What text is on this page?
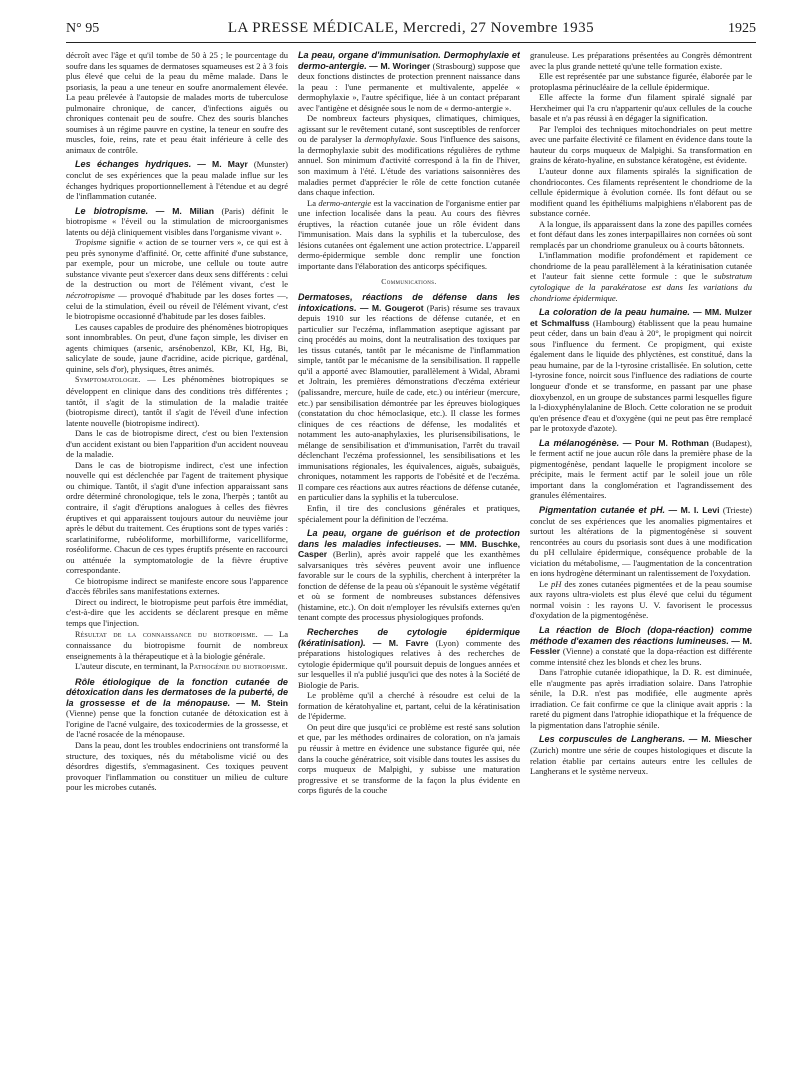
N° 95	LA PRESSE MÉDICALE, Mercredi, 27 Novembre 1935	1925

décroît avec l'âge et qu'il tombe de 50 à 25 ; le pourcentage du soufre dans les squames de dermatoses squameuses est 2 à 3 fois plus élevé que celui de la peau du même malade. Dans le psoriasis, la peau a une teneur en soufre anormalement élevée. La peau prélevée à l'autopsie de malades morts de tuberculose pulmonaire chronique, de cancer, d'infections aiguës ou chroniques contenait peu de soufre. Chez des souris blanches soumises à un régime pauvre en cystine, la teneur en soufre des muscles, foie, reins, rate et peau était inférieure à celle des animaux de contrôle.

Les échanges hydriques. — M. Mayr (Munster) conclut de ses expériences que la peau malade influe sur les échanges hydriques proportionnellement à l'étendue et au degré de l'inflammation cutanée.

Le biotropisme. — M. Milian (Paris) définit le biotropisme « l'éveil ou la stimulation de microorganismes latents ou déjà cliniquement visibles dans l'organisme vivant ».

Tropisme signifie « action de se tourner vers », ce qui est à peu près synonyme d'affinité. Or, cette affinité d'une substance, par exemple, pour un microbe, une cellule ou toute autre substance vivante peut s'exercer dans deux sens différents : celui de la destruction ou mort de l'élément vivant, c'est le nécrotropisme — provoqué d'habitude par les doses fortes —, celui de la stimulation, éveil ou réveil de l'élément vivant, c'est le biotropisme occasionné d'habitude par les doses faibles.

Les causes capables de produire des phénomènes biotropiques sont innombrables. On peut, d'une façon simple, les diviser en agents chimiques (arsenic, arsénobenzol, KBr, KI, Hg, Bi, salicylate de soude, jaune d'acridine, acide picrique, gardénal, quinine, sels d'or), physiques, êtres animés.

Symptomatologie. — Les phénomènes biotropiques se développent en clinique dans des conditions très différentes ; tantôt, il s'agit de la stimulation de la maladie traitée (biotropisme direct), tantôt il s'agit de l'éveil d'une infection latente nouvelle (biotropisme indirect).

Dans le cas de biotropisme direct, c'est ou bien l'extension d'un accident existant ou bien l'apparition d'un accident nouveau de la maladie.

Dans le cas de biotropisme indirect, c'est une infection nouvelle qui est déclenchée par l'agent de traitement physique ou chimique. Tantôt, il s'agit d'une infection apparaissant sans ordre déterminé chronologique, tels le zona, l'herpès ; tantôt au contraire, il s'agit d'éruptions analogues à celles des fièvres éruptives et qui apparaissent toujours autour du neuvième jour après le début du traitement. Ces éruptions sont de types variés : scarlatiniforme, rubéoliforme, morbilliforme, varicelliforme, roséoliforme. Chacun de ces types éruptifs présente en raccourci ou atténuée la symptomatologie de la fièvre éruptive correspondante.

Ce biotropisme indirect se manifeste encore sous l'apparence d'accès fébriles sans manifestations externes.

Direct ou indirect, le biotropisme peut parfois être immédiat, c'est-à-dire que les accidents se déclarent presque en même temps que l'injection.

Résultat de la connaissance du biotropisme. — La connaissance du biotropisme fournit de nombreux enseignements à la thérapeutique et à la biologie générale.

L'auteur discute, en terminant, la Pathogénie du biotropisme.

Rôle étiologique de la fonction cutanée de détoxication dans les dermatoses de la puberté, de la grossesse et de la ménopause. — M. Stein (Vienne) pense que la fonction cutanée de détoxication est à l'origine de l'acné vulgaire, des toxicodermies de la grossesse, et de l'acné rosacée de la ménopause.

Dans la peau, dont les troubles endocriniens ont transformé la structure, des toxiques, nés du métabolisme vicié ou des désordres digestifs, s'emmagasinent. Ces toxiques peuvent provoquer l'inflammation ou constituer un milieu de culture pour les microbes cutanés.

La peau, organe d'immunisation. Dermophylaxie et dermo-antergie. — M. Woringer (Strasbourg) suppose que deux fonctions distinctes de protection prennent naissance dans la peau : l'une permanente et multivalente, appelée « dermophylaxie », l'autre spécifique, liée à un contact préparant avec l'antigène et désignée sous le nom de « dermo-antergie ».

De nombreux facteurs physiques, climatiques, chimiques, agissant sur le revêtement cutané, sont susceptibles de renforcer ou de paralyser la dermophylaxie. Sous l'influence des saisons, la dermophylaxie subit des modifications régulières de rythme annuel. Son minimum d'activité correspond à la fin de l'hiver, son maximum à l'été. L'étude des variations saisonnières des maladies permet d'apprécier le rôle de cette fonction cutanée dans chaque infection.

La dermo-antergie est la vaccination de l'organisme entier par une infection localisée dans la peau. Au cours des fièvres éruptives, la réaction cutanée joue un rôle évident dans l'immunisation. Mais dans la syphilis et la tuberculose, des lésions cutanées ont également une action protectrice. L'appareil dermo-épidermique semble donc remplir une fonction importante dans l'élaboration des anticorps spécifiques.

Communications.

Dermatoses, réactions de défense dans les intoxications. — M. Gougerot (Paris) résume ses travaux depuis 1910 sur les réactions de défense cutanée, et en particulier sur l'eczéma, inflammation aseptique agissant par cinq procédés au moins, dont la neutralisation des toxiques par les tissus cutanés, tantôt par le mécanisme de l'inflammation simple, tantôt par le mécanisme de la sensibilisation. Il rappelle qu'il a apporté avec Blamoutier, parallèlement à Widal, Abrami et Joltrain, les premières démonstrations d'eczéma extérieur (palissandre, mercure, huile de cade, etc.) ou intérieur (mercure, etc.) par sensibilisation démontrée par les épreuves biologiques (constatation du choc hémoclasique, etc.). Il classe les formes cliniques de ces réactions de défense, les modalités et notamment les auto-anaphylaxies, les plurisensibilisations, le mélange de sensibilisation et d'immunisation, l'arrêt du travail déclenchant l'eczéma professionnel, les sensibilisations et les immunisations régionales, les équivalences, aiguës, subaiguës, chroniques, notamment les rapports de l'obésité et de l'eczéma. Il compare ces réactions aux autres réactions de défense cutanée, en particulier dans la syphilis et la tuberculose.

Enfin, il tire des conclusions générales et pratiques, spécialement pour la définition de l'eczéma.

La peau, organe de guérison et de protection dans les maladies infectieuses. — MM. Buschke, Casper (Berlin), après avoir rappelé que les exanthèmes salvarsaniques très sévères peuvent avoir une influence favorable sur le cours de la syphilis, cherchent à interpréter la fonction de défense de la peau où s'épanouit le système végétatif et où se forment de nombreuses substances défensives (histamine, etc.). On doit n'employer les révulsifs externes qu'en tenant compte des processus physiologiques profonds.

Recherches de cytologie épidermique (kératinisation). — M. Favre (Lyon) commente des préparations histologiques relatives à des recherches de cytologie épidermique qu'il poursuit depuis de longues années et sur lesquelles il n'a publié jusqu'ici que des notes à la Société de Biologie de Paris.

Le problème qu'il a cherché à résoudre est celui de la formation de kératohyaline et, partant, celui de la kératinisation de l'épiderme.

On peut dire que jusqu'ici ce problème est resté sans solution et que, par les méthodes ordinaires de coloration, on n'a jamais pu réussir à mettre en évidence une substance figurée qui, née dans la couche génératrice, soit visible dans toutes les assises du corps muqueux de Malpighi, y subisse une maturation progressive et se transforme de la façon la plus évidente en corps figurés de la couche

granuleuse. Les préparations présentées au Congrès démontrent avec la plus grande netteté qu'une telle formation existe.

Elle est représentée par une substance figurée, élaborée par le protoplasma périnucléaire de la cellule épidermique.

Elle affecte la forme d'un filament spiralé signalé par Herxheimer qui l'a cru n'appartenir qu'aux cellules de la couche basale et n'a pas réussi à en dégager la signification.

Par l'emploi des techniques mitochondriales on peut mettre avec une parfaite électivité ce filament en évidence dans toute la hauteur du corps muqueux de Malpighi. Sa transformation en grains de kérato-hyaline, en substance kératogène, est évidente.

L'auteur donne aux filaments spiralés la signification de chondriocontes. Ces filaments représentent le chondriome de la cellule épidermique à évolution cornée. Ils font défaut ou se modifient quand les épithéliums malpighiens n'élaborent pas de substance cornée.

A la longue, ils apparaissent dans la zone des papilles cornées et font défaut dans les zones interpapillaires non cornées où sont remplacés par un chondriome granuleux ou à courts bâtonnets.

L'inflammation modifie profondément et rapidement ce chondriome de la peau parallèlement à la kératinisation cutanée et l'auteur fait sienne cette formule : que le substratum cytologique de la parakératose est dans les variations du chondriome épidermique.

La coloration de la peau humaine. — MM. Mulzer et Schmalfuss (Hambourg) établissent que la peau humaine peut céder, dans un bain d'eau à 20°, le propigment qui noircit sous l'influence du ferment. Ce propigment, qui existe également dans le liquide des phlyctènes, est constitué, dans la peau humaine, par de la l-tyrosine cristallisée. En solution, cette l-tyrosine fonce, noircit sous l'influence des radiations de courte longueur d'onde et se transforme, en passant par une phase dioxybenzol, en un groupe de substances parmi lesquelles figure la l-dioxyphénylalanine de Bloch. Cette coloration ne se produit qu'en présence d'eau et d'oxygène (qui ne peut pas être remplacé par le protoxyde d'azote).

La mélanogénèse. — Pour M. Rothman (Budapest), le ferment actif ne joue aucun rôle dans la première phase de la pigmentogénèse, pendant laquelle le propigment incolore se précipite, mais le ferment actif par le soleil joue un rôle important dans la conglomération et l'agrandissement des granules élémentaires.

Pigmentation cutanée et pH. — M. I. Levi (Trieste) conclut de ses expériences que les anomalies pigmentaires et surtout les altérations de la pigmentogénèse si souvent rencontrées au cours du psoriasis sont dues à une modification du pH cellulaire épidermique, conséquence probable de la viciation du métabolisme, — l'augmentation de la concentration en ions hydrogène déterminant un ralentissement de l'oxydation.

Le pH des zones cutanées pigmentées et de la peau soumise aux rayons ultra-violets est plus élevé que celui du tégument normal voisin : les rayons U. V. favorisent le processus d'oxydation de la pigmentogénèse.

La réaction de Bloch (dopa-réaction) comme méthode d'examen des réactions lumineuses. — M. Fessler (Vienne) a constaté que la dopa-réaction est différente comme intensité chez les blonds et chez les bruns.

Dans l'atrophie cutanée idiopathique, la D. R. est diminuée, elle n'augmente pas après irradiation solaire. Dans l'atrophie sénile, la D.R. n'est pas modifiée, elle augmente après irradiation. Ce fait confirme ce que la clinique avait appris : la rareté du pigment dans l'atrophie idiopathique et la fréquence de la pigmentation dans l'atrophie sénile.

Les corpuscules de Langherans. — M. Miescher (Zurich) montre une série de coupes histologiques et discute la relation établie par certains auteurs entre les cellules de Langherans et le système nerveux.
